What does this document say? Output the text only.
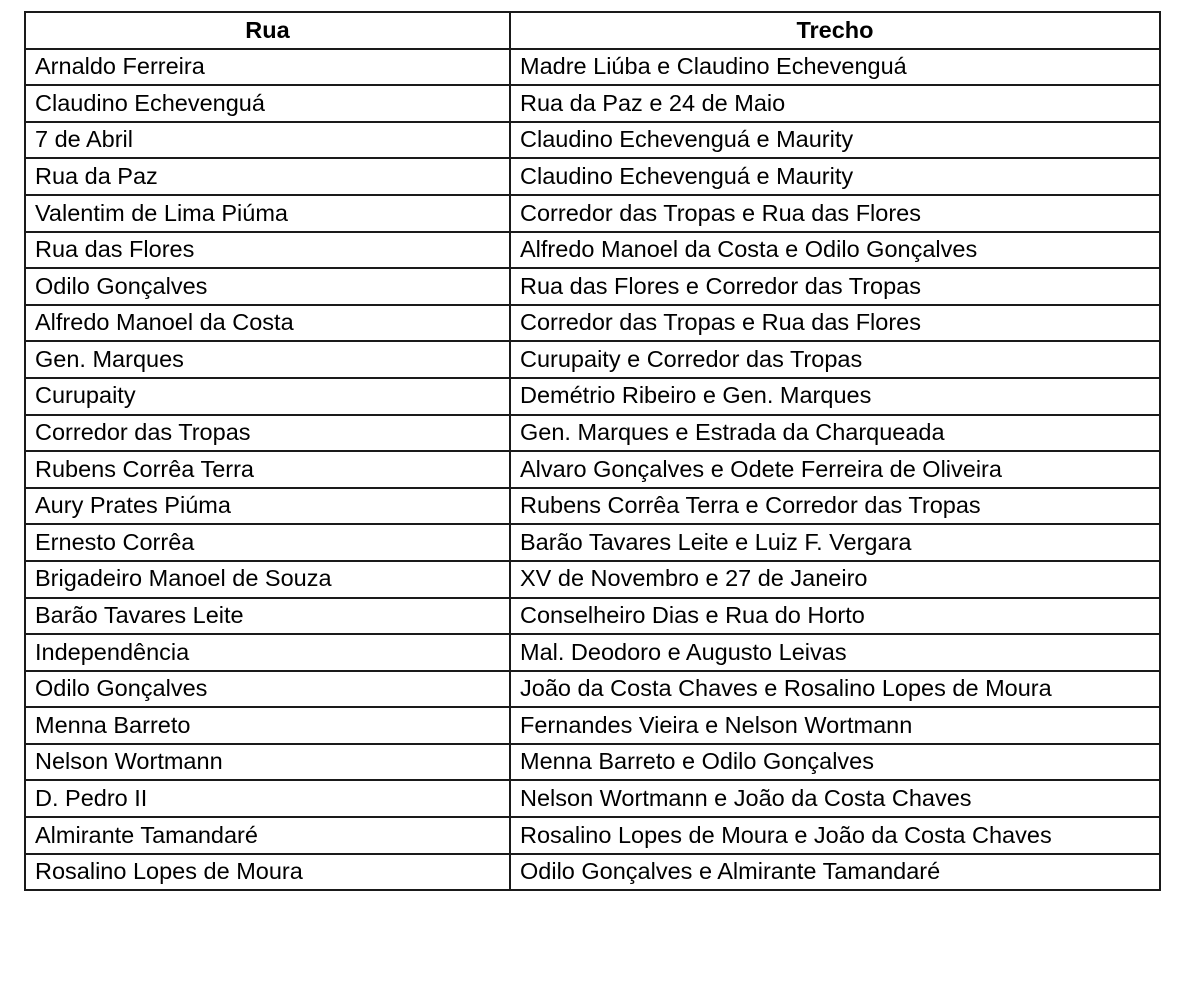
Rua	Trecho
Arnaldo Ferreira	Madre Liúba e Claudino Echevenguá
Claudino Echevenguá	Rua da Paz e 24 de Maio
7 de Abril	Claudino Echevenguá e Maurity
Rua da Paz	Claudino Echevenguá e Maurity
Valentim de Lima Piúma	Corredor das Tropas e Rua das Flores
Rua das Flores	Alfredo Manoel da Costa e Odilo Gonçalves
Odilo Gonçalves	Rua das Flores e Corredor das Tropas
Alfredo Manoel da Costa	Corredor das Tropas e Rua das Flores
Gen. Marques	Curupaity e Corredor das Tropas
Curupaity	Demétrio Ribeiro e Gen. Marques
Corredor das Tropas	Gen. Marques e Estrada da Charqueada
Rubens Corrêa Terra	Alvaro Gonçalves e Odete Ferreira de Oliveira
Aury Prates Piúma	Rubens Corrêa Terra e Corredor das Tropas
Ernesto Corrêa	Barão Tavares Leite e Luiz F. Vergara
Brigadeiro Manoel de Souza	XV de Novembro e 27 de Janeiro
Barão Tavares Leite	Conselheiro Dias e Rua do Horto
Independência	Mal. Deodoro e Augusto Leivas
Odilo Gonçalves	João da Costa Chaves e Rosalino Lopes de Moura
Menna Barreto	Fernandes Vieira e Nelson Wortmann
Nelson Wortmann	Menna Barreto e Odilo Gonçalves
D. Pedro II	Nelson Wortmann e João da Costa Chaves
Almirante Tamandaré	Rosalino Lopes de Moura e João da Costa Chaves
Rosalino Lopes de Moura	Odilo Gonçalves e Almirante Tamandaré
